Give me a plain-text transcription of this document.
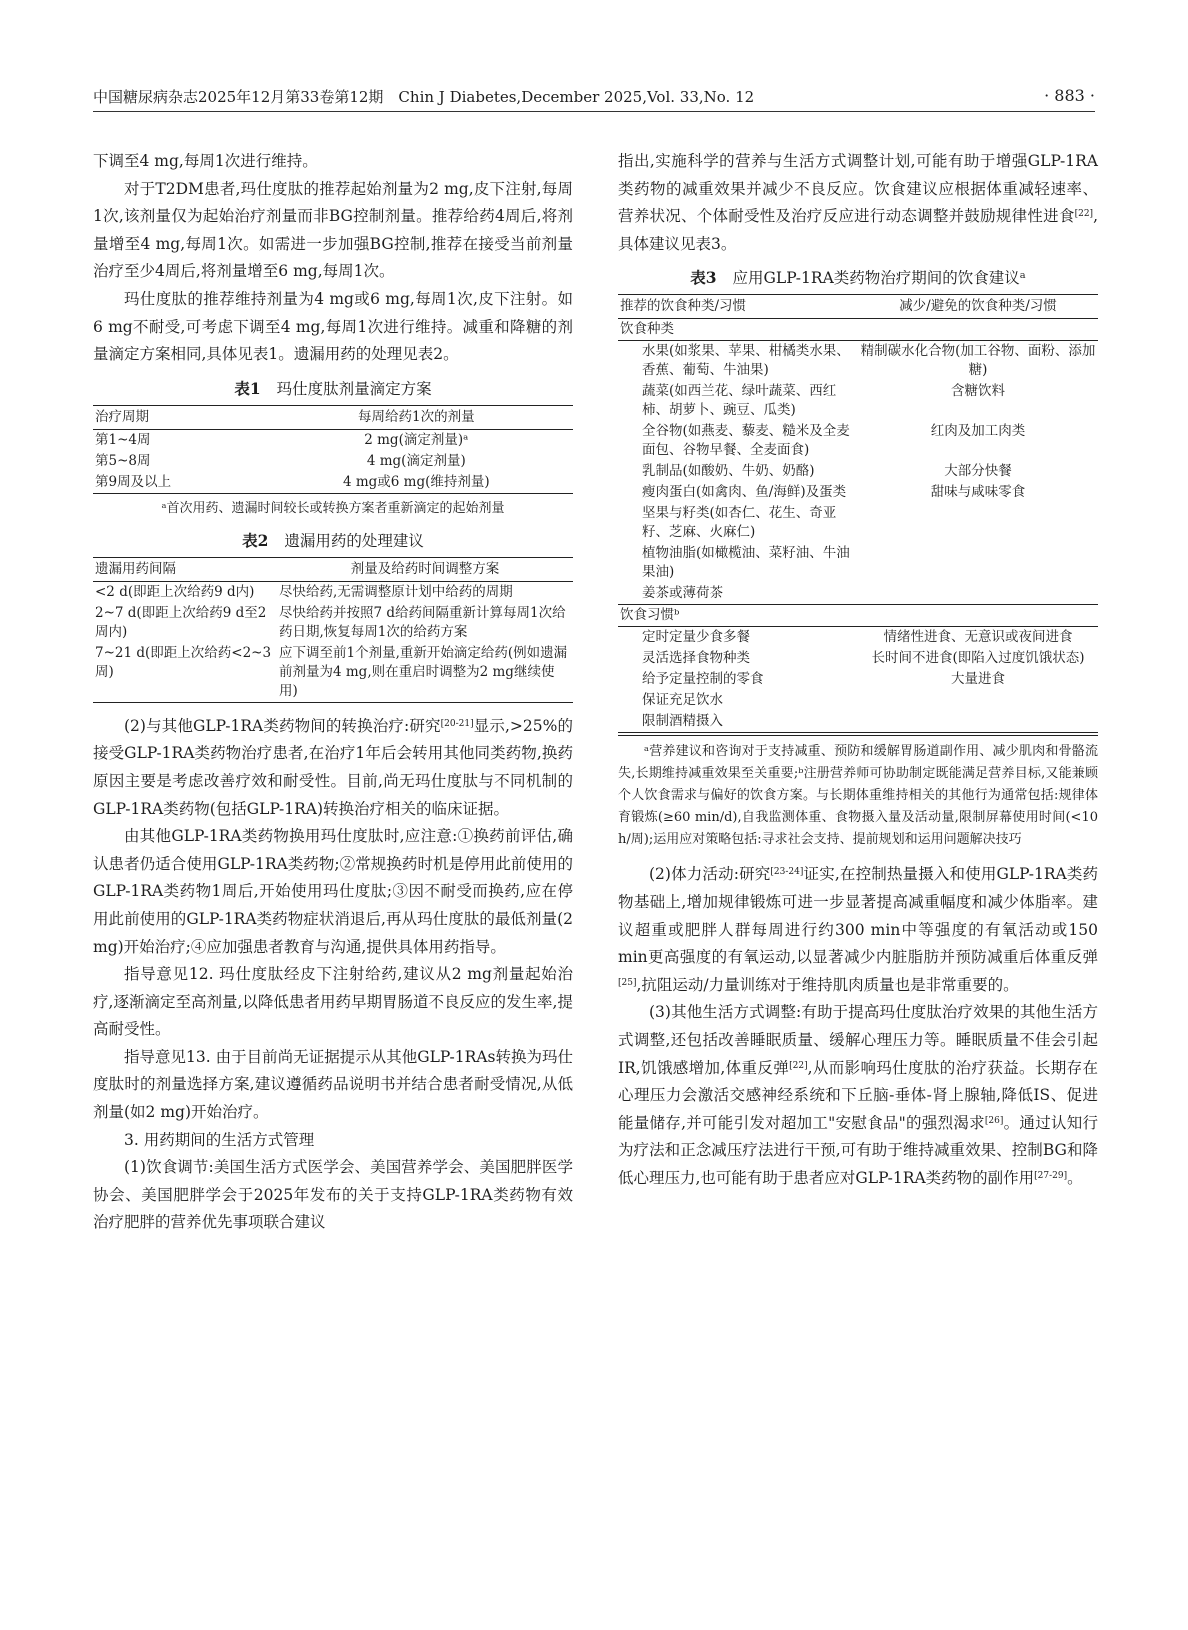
中国糖尿病杂志2025年12月第33卷第12期　Chin J Diabetes,December 2025,Vol. 33,No. 12	· 883 ·

下调至4 mg,每周1次进行维持。

对于T2DM患者,玛仕度肽的推荐起始剂量为2 mg,皮下注射,每周1次,该剂量仅为起始治疗剂量而非BG控制剂量。推荐给药4周后,将剂量增至4 mg,每周1次。如需进一步加强BG控制,推荐在接受当前剂量治疗至少4周后,将剂量增至6 mg,每周1次。

玛仕度肽的推荐维持剂量为4 mg或6 mg,每周1次,皮下注射。如6 mg不耐受,可考虑下调至4 mg,每周1次进行维持。减重和降糖的剂量滴定方案相同,具体见表1。遗漏用药的处理见表2。

表1 玛仕度肽剂量滴定方案
治疗周期	每周给药1次的剂量
第1~4周	2 mg(滴定剂量)ᵃ
第5~8周	4 mg(滴定剂量)
第9周及以上	4 mg或6 mg(维持剂量)
ᵃ首次用药、遗漏时间较长或转换方案者重新滴定的起始剂量
表2 遗漏用药的处理建议
遗漏用药间隔	剂量及给药时间调整方案
<2 d(即距上次给药9 d内)	尽快给药,无需调整原计划中给药的周期
2~7 d(即距上次给药9 d至2周内)	尽快给药并按照7 d给药间隔重新计算每周1次给药日期,恢复每周1次的给药方案
7~21 d(即距上次给药<2~3周)	应下调至前1个剂量,重新开始滴定给药(例如遗漏前剂量为4 mg,则在重启时调整为2 mg继续使用)

(2)与其他GLP-1RA类药物间的转换治疗:研究[20-21]显示,>25%的接受GLP-1RA类药物治疗患者,在治疗1年后会转用其他同类药物,换药原因主要是考虑改善疗效和耐受性。目前,尚无玛仕度肽与不同机制的GLP-1RA类药物(包括GLP-1RA)转换治疗相关的临床证据。

由其他GLP-1RA类药物换用玛仕度肽时,应注意:①换药前评估,确认患者仍适合使用GLP-1RA类药物;②常规换药时机是停用此前使用的GLP-1RA类药物1周后,开始使用玛仕度肽;③因不耐受而换药,应在停用此前使用的GLP-1RA类药物症状消退后,再从玛仕度肽的最低剂量(2 mg)开始治疗;④应加强患者教育与沟通,提供具体用药指导。

指导意见12. 玛仕度肽经皮下注射给药,建议从2 mg剂量起始治疗,逐渐滴定至高剂量,以降低患者用药早期胃肠道不良反应的发生率,提高耐受性。

指导意见13. 由于目前尚无证据提示从其他GLP-1RAs转换为玛仕度肽时的剂量选择方案,建议遵循药品说明书并结合患者耐受情况,从低剂量(如2 mg)开始治疗。

3. 用药期间的生活方式管理

(1)饮食调节:美国生活方式医学会、美国营养学会、美国肥胖医学协会、美国肥胖学会于2025年发布的关于支持GLP-1RA类药物有效治疗肥胖的营养优先事项联合建议

指出,实施科学的营养与生活方式调整计划,可能有助于增强GLP-1RA类药物的减重效果并减少不良反应。饮食建议应根据体重减轻速率、营养状况、个体耐受性及治疗反应进行动态调整并鼓励规律性进食[22],具体建议见表3。

表3 应用GLP-1RA类药物治疗期间的饮食建议ᵃ
推荐的饮食种类/习惯	减少/避免的饮食种类/习惯
饮食种类	
水果(如浆果、苹果、柑橘类水果、香蕉、葡萄、牛油果)	精制碳水化合物(加工谷物、面粉、添加糖)
蔬菜(如西兰花、绿叶蔬菜、西红柿、胡萝卜、豌豆、瓜类)	含糖饮料
全谷物(如燕麦、藜麦、糙米及全麦面包、谷物早餐、全麦面食)	红肉及加工肉类
乳制品(如酸奶、牛奶、奶酪)	大部分快餐
瘦肉蛋白(如禽肉、鱼/海鲜)及蛋类	甜味与咸味零食
坚果与籽类(如杏仁、花生、奇亚籽、芝麻、火麻仁)	
植物油脂(如橄榄油、菜籽油、牛油果油)	
姜茶或薄荷茶	
饮食习惯ᵇ	
定时定量少食多餐	情绪性进食、无意识或夜间进食
灵活选择食物种类	长时间不进食(即陷入过度饥饿状态)
给予定量控制的零食	大量进食
保证充足饮水	
限制酒精摄入	

ᵃ营养建议和咨询对于支持减重、预防和缓解胃肠道副作用、减少肌肉和骨骼流失,长期维持减重效果至关重要;ᵇ注册营养师可协助制定既能满足营养目标,又能兼顾个人饮食需求与偏好的饮食方案。与长期体重维持相关的其他行为通常包括:规律体育锻炼(≥60 min/d),自我监测体重、食物摄入量及活动量,限制屏幕使用时间(<10 h/周);运用应对策略包括:寻求社会支持、提前规划和运用问题解决技巧

(2)体力活动:研究[23-24]证实,在控制热量摄入和使用GLP-1RA类药物基础上,增加规律锻炼可进一步显著提高减重幅度和减少体脂率。建议超重或肥胖人群每周进行约300 min中等强度的有氧活动或150 min更高强度的有氧运动,以显著减少内脏脂肪并预防减重后体重反弹[25],抗阻运动/力量训练对于维持肌肉质量也是非常重要的。

(3)其他生活方式调整:有助于提高玛仕度肽治疗效果的其他生活方式调整,还包括改善睡眠质量、缓解心理压力等。睡眠质量不佳会引起IR,饥饿感增加,体重反弹[22],从而影响玛仕度肽的治疗获益。长期存在心理压力会激活交感神经系统和下丘脑-垂体-肾上腺轴,降低IS、促进能量储存,并可能引发对超加工"安慰食品"的强烈渴求[26]。通过认知行为疗法和正念减压疗法进行干预,可有助于维持减重效果、控制BG和降低心理压力,也可能有助于患者应对GLP-1RA类药物的副作用[27-29]。
